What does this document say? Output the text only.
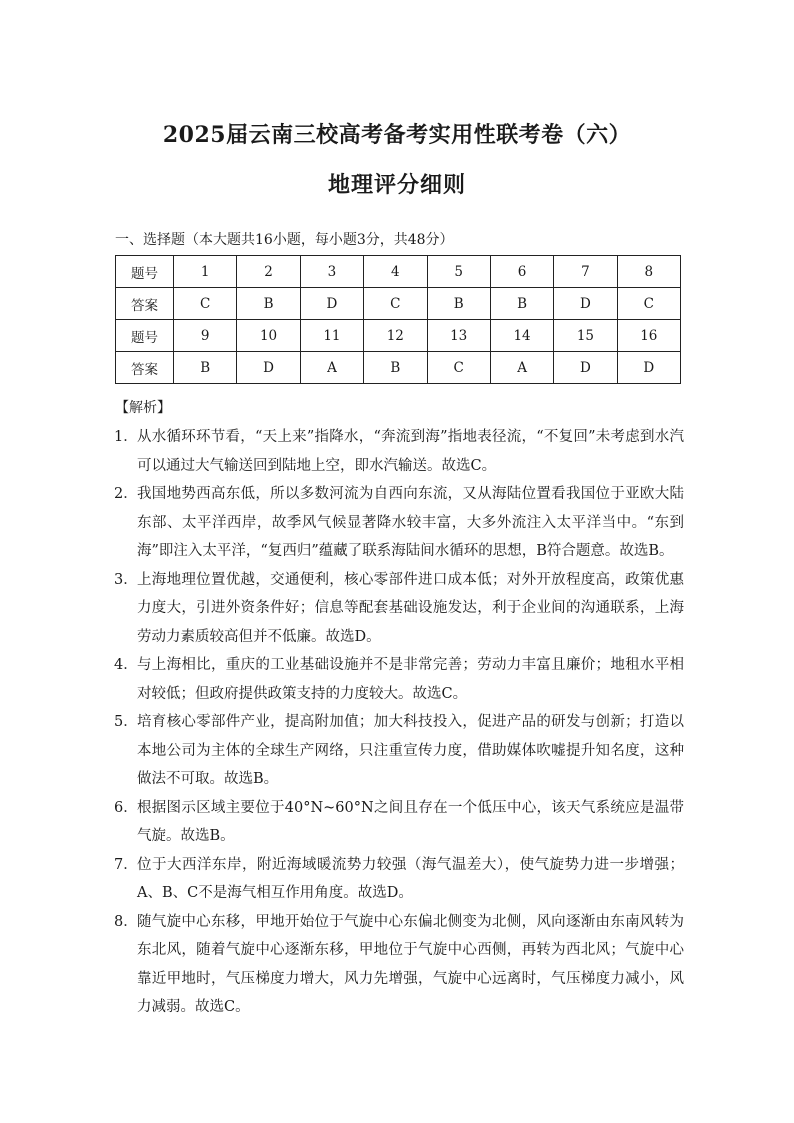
2025届云南三校高考备考实用性联考卷（六）
地理评分细则
一、选择题（本大题共16小题，每小题3分，共48分）
题号	1	2	3	4	5	6	7	8
答案	C	B	D	C	B	B	D	C
题号	9	10	11	12	13	14	15	16
答案	B	D	A	B	C	A	D	D
【解析】

1． 从水循环环节看，“天上来”指降水，“奔流到海”指地表径流，“不复回”未考虑到水汽可以通过大气输送回到陆地上空，即水汽输送。故选C。

2． 我国地势西高东低，所以多数河流为自西向东流，又从海陆位置看我国位于亚欧大陆东部、太平洋西岸，故季风气候显著降水较丰富，大多外流注入太平洋当中。“东到海”即注入太平洋，“复西归”蕴藏了联系海陆间水循环的思想，B符合题意。故选B。

3． 上海地理位置优越，交通便利，核心零部件进口成本低；对外开放程度高，政策优惠力度大，引进外资条件好；信息等配套基础设施发达，利于企业间的沟通联系，上海劳动力素质较高但并不低廉。故选D。

4． 与上海相比，重庆的工业基础设施并不是非常完善；劳动力丰富且廉价；地租水平相对较低；但政府提供政策支持的力度较大。故选C。

5． 培育核心零部件产业，提高附加值；加大科技投入，促进产品的研发与创新；打造以本地公司为主体的全球生产网络，只注重宣传力度，借助媒体吹嘘提升知名度，这种做法不可取。故选B。

6． 根据图示区域主要位于40°N~60°N之间且存在一个低压中心，该天气系统应是温带气旋。故选B。

7． 位于大西洋东岸，附近海域暖流势力较强（海气温差大），使气旋势力进一步增强；A、B、C不是海气相互作用角度。故选D。

8． 随气旋中心东移，甲地开始位于气旋中心东偏北侧变为北侧，风向逐渐由东南风转为东北风，随着气旋中心逐渐东移，甲地位于气旋中心西侧，再转为西北风；气旋中心靠近甲地时，气压梯度力增大，风力先增强，气旋中心远离时，气压梯度力减小，风力减弱。故选C。
